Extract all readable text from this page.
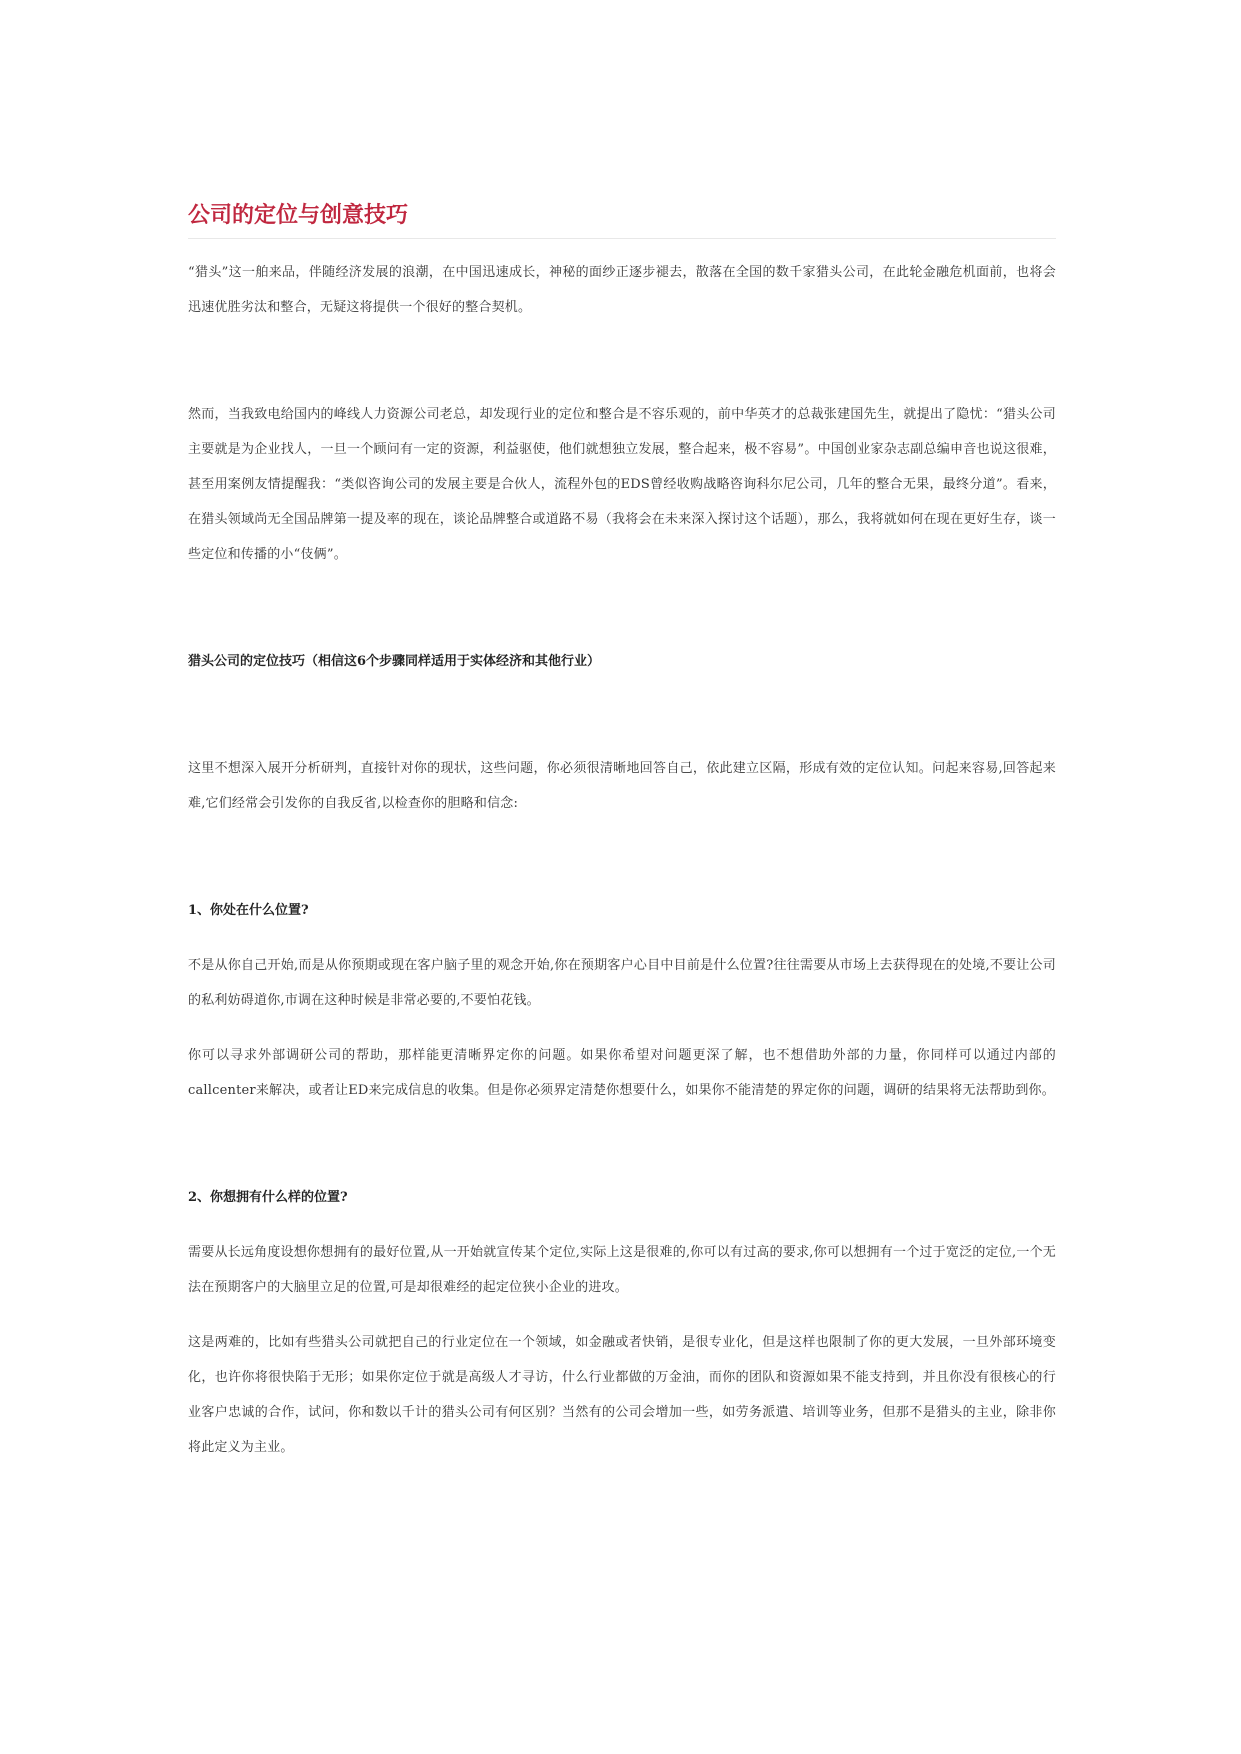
公司的定位与创意技巧

“猎头”这一舶来品，伴随经济发展的浪潮，在中国迅速成长，神秘的面纱正逐步褪去，散落在全国的数千家猎头公司，在此轮金融危机面前，也将会迅速优胜劣汰和整合，无疑这将提供一个很好的整合契机。

然而，当我致电给国内的峰线人力资源公司老总，却发现行业的定位和整合是不容乐观的，前中华英才的总裁张建国先生，就提出了隐忧：“猎头公司主要就是为企业找人，一旦一个顾问有一定的资源，利益驱使，他们就想独立发展，整合起来，极不容易”。中国创业家杂志副总编申音也说这很难，甚至用案例友情提醒我：“类似咨询公司的发展主要是合伙人，流程外包的EDS曾经收购战略咨询科尔尼公司，几年的整合无果，最终分道”。看来，在猎头领域尚无全国品牌第一提及率的现在，谈论品牌整合或道路不易（我将会在未来深入探讨这个话题），那么，我将就如何在现在更好生存，谈一些定位和传播的小“伎俩”。

猎头公司的定位技巧（相信这6个步骤同样适用于实体经济和其他行业）

这里不想深入展开分析研判，直接针对你的现状，这些问题，你必须很清晰地回答自己，依此建立区隔，形成有效的定位认知。问起来容易,回答起来难,它们经常会引发你的自我反省,以检查你的胆略和信念:

1、你处在什么位置?

不是从你自己开始,而是从你预期或现在客户脑子里的观念开始,你在预期客户心目中目前是什么位置?往往需要从市场上去获得现在的处境,不要让公司的私利妨碍道你,市调在这种时候是非常必要的,不要怕花钱。

你可以寻求外部调研公司的帮助，那样能更清晰界定你的问题。如果你希望对问题更深了解，也不想借助外部的力量，你同样可以通过内部的callcenter来解决，或者让ED来完成信息的收集。但是你必须界定清楚你想要什么，如果你不能清楚的界定你的问题，调研的结果将无法帮助到你。

2、你想拥有什么样的位置?

需要从长远角度设想你想拥有的最好位置,从一开始就宣传某个定位,实际上这是很难的,你可以有过高的要求,你可以想拥有一个过于宽泛的定位,一个无法在预期客户的大脑里立足的位置,可是却很难经的起定位狭小企业的进攻。

这是两难的，比如有些猎头公司就把自己的行业定位在一个领域，如金融或者快销，是很专业化，但是这样也限制了你的更大发展，一旦外部环境变化，也许你将很快陷于无形；如果你定位于就是高级人才寻访，什么行业都做的万金油，而你的团队和资源如果不能支持到，并且你没有很核心的行业客户忠诚的合作，试问，你和数以千计的猎头公司有何区别？当然有的公司会增加一些，如劳务派遣、培训等业务，但那不是猎头的主业，除非你将此定义为主业。
